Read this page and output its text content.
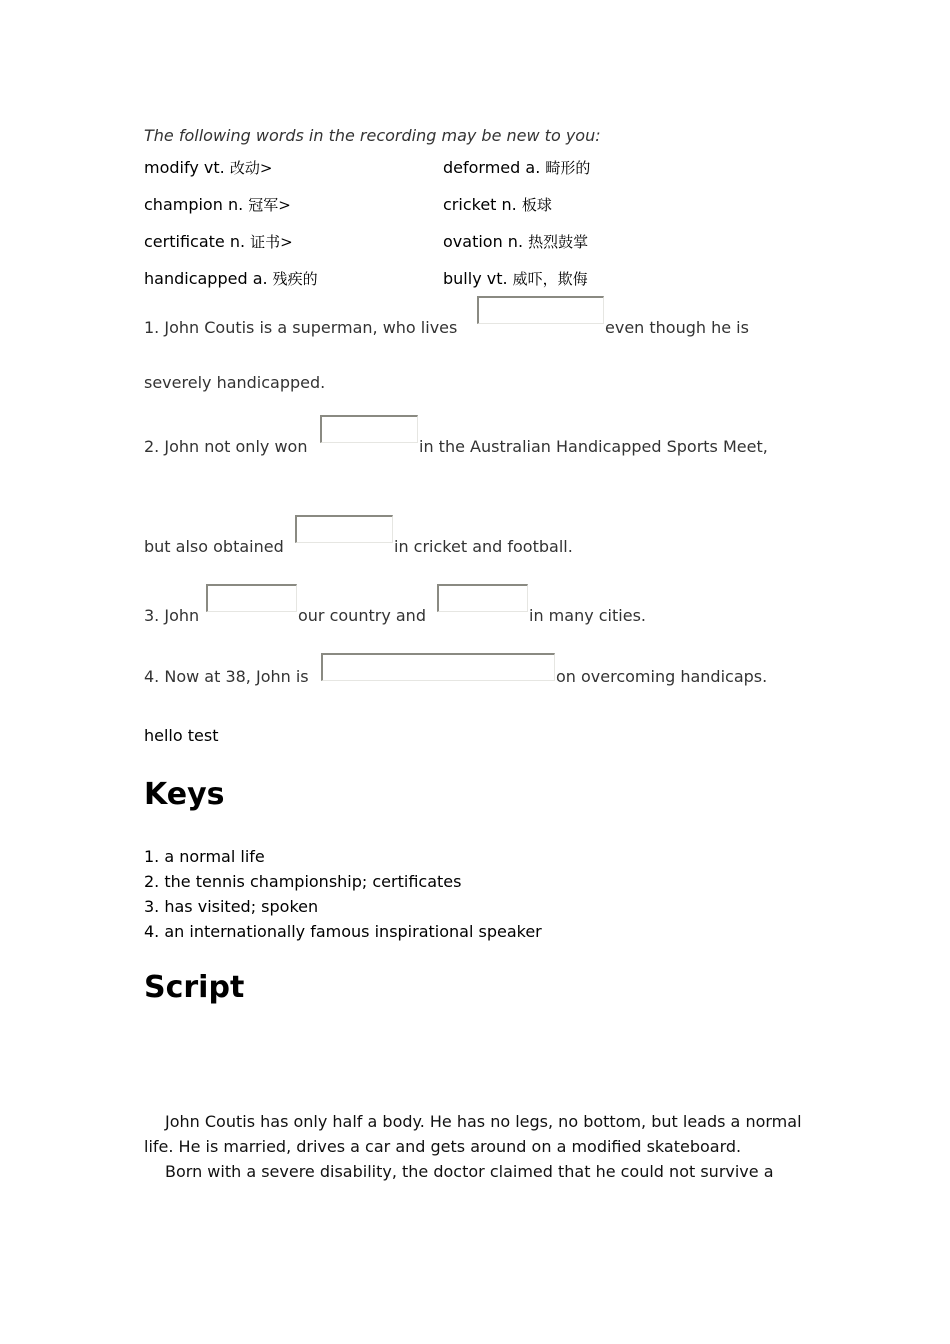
The following words in the recording may be new to you:
modify vt. 改动>	deformed a. 畸形的
champion n. 冠军>	cricket n. 板球
certificate n. 证书>	ovation n. 热烈鼓掌
handicapped a. 残疾的	bully vt. 威吓，欺侮
1. John Coutis is a superman, who lives	even though he is
severely handicapped.
2. John not only won	in the Australian Handicapped Sports Meet,
but also obtained	in cricket and football.
3. John	our country and	in many cities.
4. Now at 38, John is	on overcoming handicaps.
hello test
Keys
1. a normal life
2. the tennis championship; certificates
3. has visited; spoken
4. an internationally famous inspirational speaker
Script

John Coutis has only half a body. He has no legs, no bottom, but leads a normal life. He is married, drives a car and gets around on a modified skateboard.

Born with a severe disability, the doctor claimed that he could not survive a
